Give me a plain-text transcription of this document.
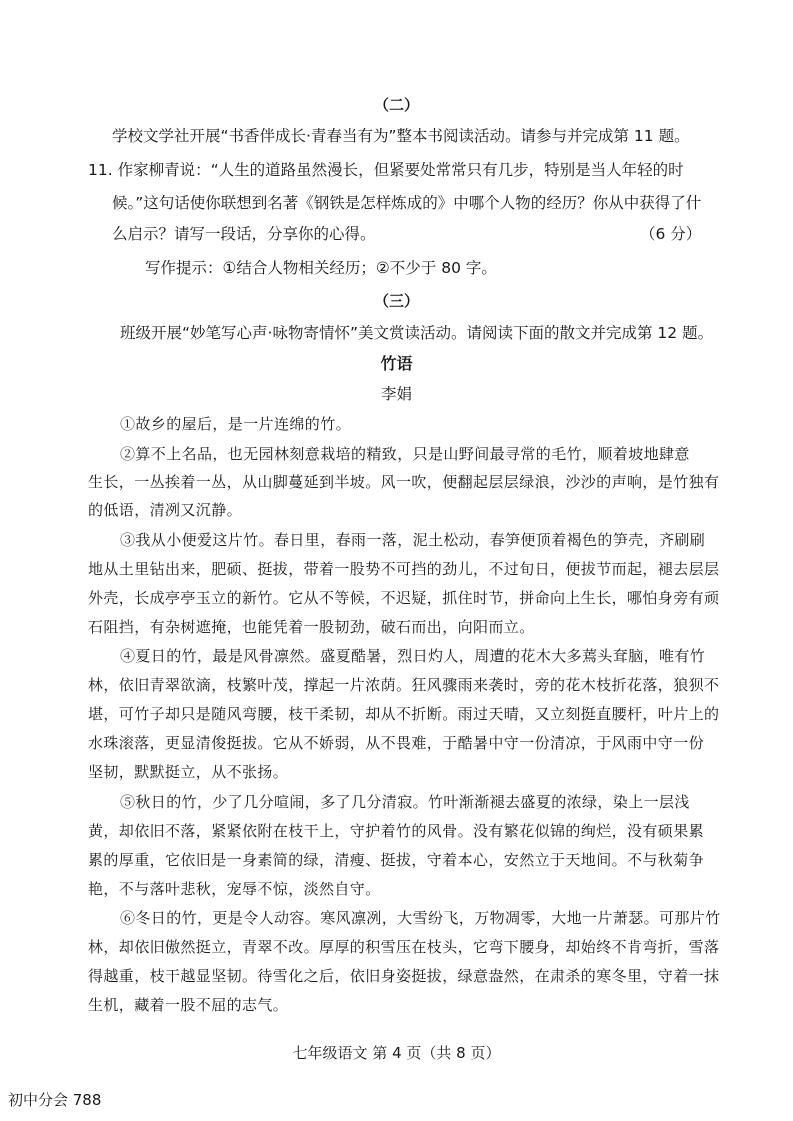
（二）
学校文学社开展“书香伴成长·青春当有为”整本书阅读活动。请参与并完成第 11 题。
11. 作家柳青说：“人生的道路虽然漫长，但紧要处常常只有几步，特别是当人年轻的时
候。”这句话使你联想到名著《钢铁是怎样炼成的》中哪个人物的经历？你从中获得了什
么启示？请写一段话，分享你的心得。	（6 分）
写作提示：①结合人物相关经历；②不少于 80 字。
（三）
班级开展“妙笔写心声·咏物寄情怀”美文赏读活动。请阅读下面的散文并完成第 12 题。
竹语
李娟
①故乡的屋后，是一片连绵的竹。
②算不上名品，也无园林刻意栽培的精致，只是山野间最寻常的毛竹，顺着坡地肆意
生长，一丛挨着一丛，从山脚蔓延到半坡。风一吹，便翻起层层绿浪，沙沙的声响，是竹独有
的低语，清冽又沉静。
③我从小便爱这片竹。春日里，春雨一落，泥土松动，春笋便顶着褐色的笋壳，齐刷刷
地从土里钻出来，肥硕、挺拔，带着一股势不可挡的劲儿，不过旬日，便拔节而起，褪去层层
外壳，长成亭亭玉立的新竹。它从不等候，不迟疑，抓住时节，拼命向上生长，哪怕身旁有顽
石阻挡，有杂树遮掩，也能凭着一股韧劲，破石而出，向阳而立。
④夏日的竹，最是风骨凛然。盛夏酷暑，烈日灼人，周遭的花木大多蔫头耷脑，唯有竹
林，依旧青翠欲滴，枝繁叶茂，撑起一片浓荫。狂风骤雨来袭时，旁的花木枝折花落，狼狈不
堪，可竹子却只是随风弯腰，枝干柔韧，却从不折断。雨过天晴，又立刻挺直腰杆，叶片上的
水珠滚落，更显清俊挺拔。它从不娇弱，从不畏难，于酷暑中守一份清凉，于风雨中守一份
坚韧，默默挺立，从不张扬。
⑤秋日的竹，少了几分喧闹，多了几分清寂。竹叶渐渐褪去盛夏的浓绿，染上一层浅
黄，却依旧不落，紧紧依附在枝干上，守护着竹的风骨。没有繁花似锦的绚烂，没有硕果累
累的厚重，它依旧是一身素简的绿，清瘦、挺拔，守着本心，安然立于天地间。不与秋菊争
艳，不与落叶悲秋，宠辱不惊，淡然自守。
⑥冬日的竹，更是令人动容。寒风凛冽，大雪纷飞，万物凋零，大地一片萧瑟。可那片竹
林，却依旧傲然挺立，青翠不改。厚厚的积雪压在枝头，它弯下腰身，却始终不肯弯折，雪落
得越重，枝干越显坚韧。待雪化之后，依旧身姿挺拔，绿意盎然，在肃杀的寒冬里，守着一抹
生机，藏着一股不屈的志气。
七年级语文 第 4 页（共 8 页）
初中分会 788
